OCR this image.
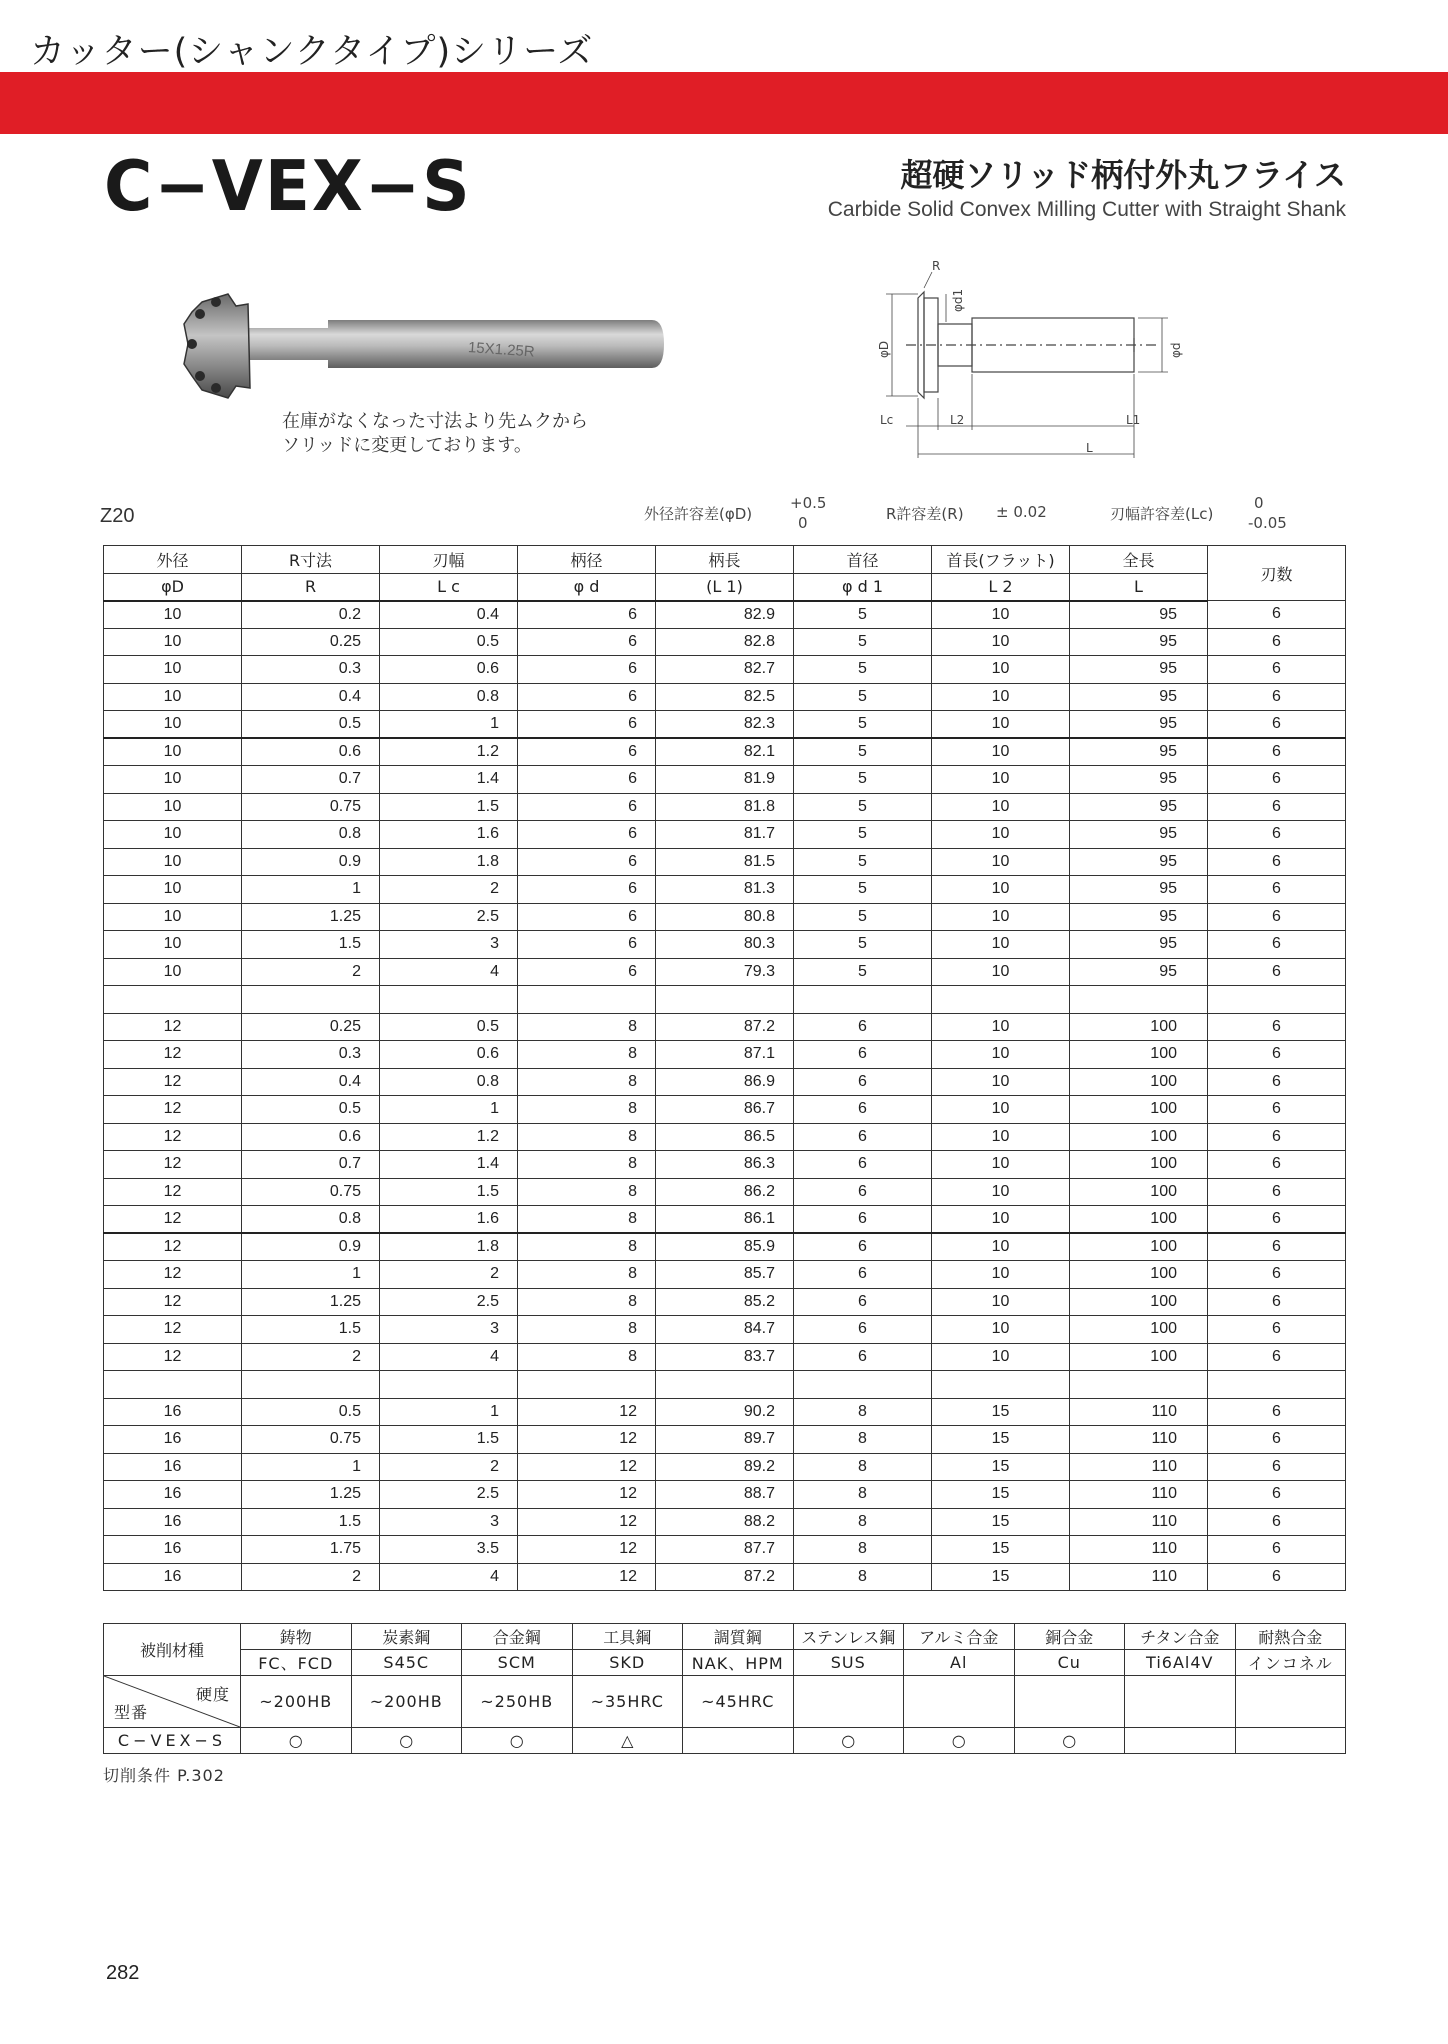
カッター(シャンクタイプ)シリーズ
C−VEX−S	超硬ソリッド柄付外丸フライス
Carbide Solid Convex Milling Cutter with Straight Shank
15X1.25R
在庫がなくなった寸法より先ムクから
ソリッドに変更しております。
R
φd1
φD	φd
Lc	L2	L1
L
Z20	外径許容差(φD)
+0.5
0	R許容差(R) ± 0.02	刃幅許容差(Lc)
0
-0.05
外径	R寸法	刃幅	柄径	柄長	首径	首長(フラット)	全長	刃数
φD	R	L c	φ d	(L 1)	φ d 1	L 2	L	
10	0.2	0.4	6	82.9	5	10	95	6
10	0.25	0.5	6	82.8	5	10	95	6
10	0.3	0.6	6	82.7	5	10	95	6
10	0.4	0.8	6	82.5	5	10	95	6
10	0.5	1	6	82.3	5	10	95	6
10	0.6	1.2	6	82.1	5	10	95	6
10	0.7	1.4	6	81.9	5	10	95	6
10	0.75	1.5	6	81.8	5	10	95	6
10	0.8	1.6	6	81.7	5	10	95	6
10	0.9	1.8	6	81.5	5	10	95	6
10	1	2	6	81.3	5	10	95	6
10	1.25	2.5	6	80.8	5	10	95	6
10	1.5	3	6	80.3	5	10	95	6
10	2	4	6	79.3	5	10	95	6

12	0.25	0.5	8	87.2	6	10	100	6
12	0.3	0.6	8	87.1	6	10	100	6
12	0.4	0.8	8	86.9	6	10	100	6
12	0.5	1	8	86.7	6	10	100	6
12	0.6	1.2	8	86.5	6	10	100	6
12	0.7	1.4	8	86.3	6	10	100	6
12	0.75	1.5	8	86.2	6	10	100	6
12	0.8	1.6	8	86.1	6	10	100	6
12	0.9	1.8	8	85.9	6	10	100	6
12	1	2	8	85.7	6	10	100	6
12	1.25	2.5	8	85.2	6	10	100	6
12	1.5	3	8	84.7	6	10	100	6
12	2	4	8	83.7	6	10	100	6

16	0.5	1	12	90.2	8	15	110	6
16	0.75	1.5	12	89.7	8	15	110	6
16	1	2	12	89.2	8	15	110	6
16	1.25	2.5	12	88.7	8	15	110	6
16	1.5	3	12	88.2	8	15	110	6
16	1.75	3.5	12	87.7	8	15	110	6
16	2	4	12	87.2	8	15	110	6
被削材種	鋳物	炭素鋼	合金鋼	工具鋼	調質鋼	ステンレス鋼	アルミ合金	銅合金	チタン合金	耐熱合金
	FC、FCD	S45C	SCM	SKD	NAK、HPM	SUS	Al	Cu	Ti6Al4V	インコネル

硬度
型番	~200HB	~200HB	~250HB	~35HRC	~45HRC					
C−VEX−S	○	○	○	△		○	○	○		
切削条件 P.302
282
